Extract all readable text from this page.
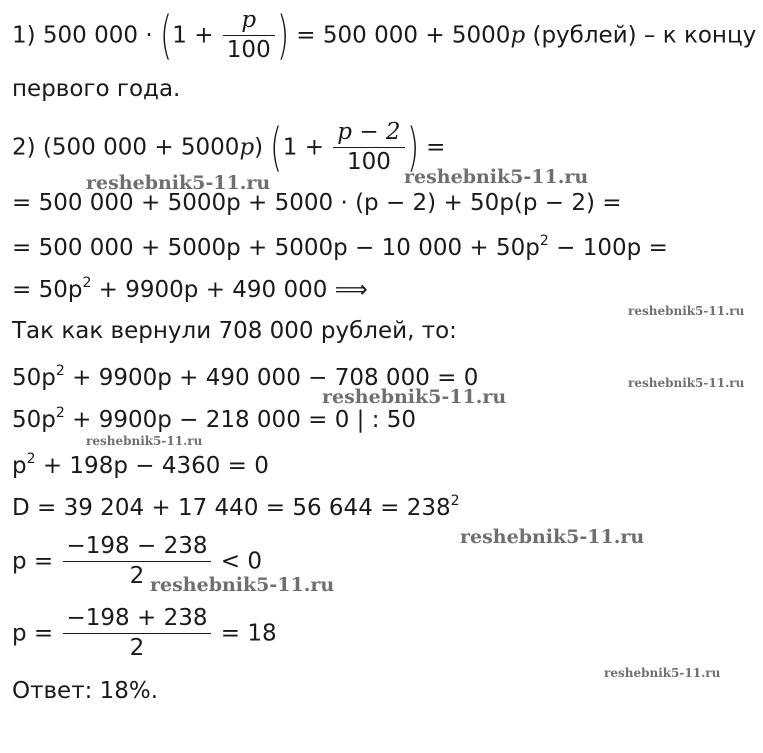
1) 500 $000 \cdot (1 + \frac{p}{100}$ ) = 500 000 + 5000p (рублей) – к концу
первого года.
2) (500 000 + 5000p) ($1 + \frac{p - 2}{100}$ ) =
= 500 000 + 5000p + 5000 · (p − 2) + 50p(p − 2) =
= 500 000 + 5000p + 5000p − 10 $000 + 50p^2 - 100p$ =
= $50p^2 + 9900p + 490$ 000 ⟹
Так как вернули 708 000 рублей, то:
$50p^2 + 9900p + 490$ 000 − 708 000 = 0
$50p^2 + 9900p - 218$ 000 = 0 | : 50
$p^2 + 198p - 4360 = 0$
D = 39 204 + 17 440 = 56 $644 = 238^2$
$p = \frac{-198 - 238}{2} < 0$
$p = \frac{-198 + 238}{2} = 18$
Ответ: 18%.
reshebnik5-11.ru	reshebnik5-11.ru
reshebnik5-11.ru
reshebnik5-11.ru
reshebnik5-11.ru
reshebnik5-11.ru
reshebnik5-11.ru
reshebnik5-11.ru
reshebnik5-11.ru
